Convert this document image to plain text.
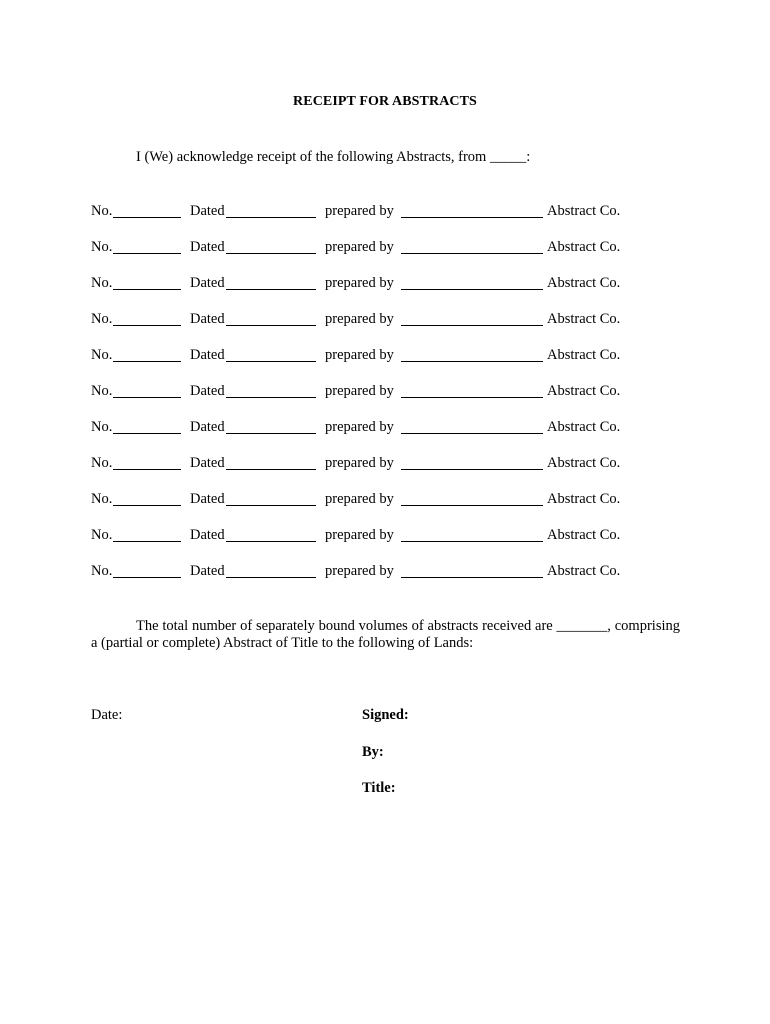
RECEIPT FOR ABSTRACTS
I (We) acknowledge receipt of the following Abstracts, from _____:
No.	Dated	prepared by	Abstract Co.
No.	Dated	prepared by	Abstract Co.
No.	Dated	prepared by	Abstract Co.
No.	Dated	prepared by	Abstract Co.
No.	Dated	prepared by	Abstract Co.
No.	Dated	prepared by	Abstract Co.
No.	Dated	prepared by	Abstract Co.
No.	Dated	prepared by	Abstract Co.
No.	Dated	prepared by	Abstract Co.
No.	Dated	prepared by	Abstract Co.
No.	Dated	prepared by	Abstract Co.
The total number of separately bound volumes of abstracts received are _______, comprising a (partial or complete) Abstract of Title to the following of Lands:
Date:	Signed:
By:
Title:
